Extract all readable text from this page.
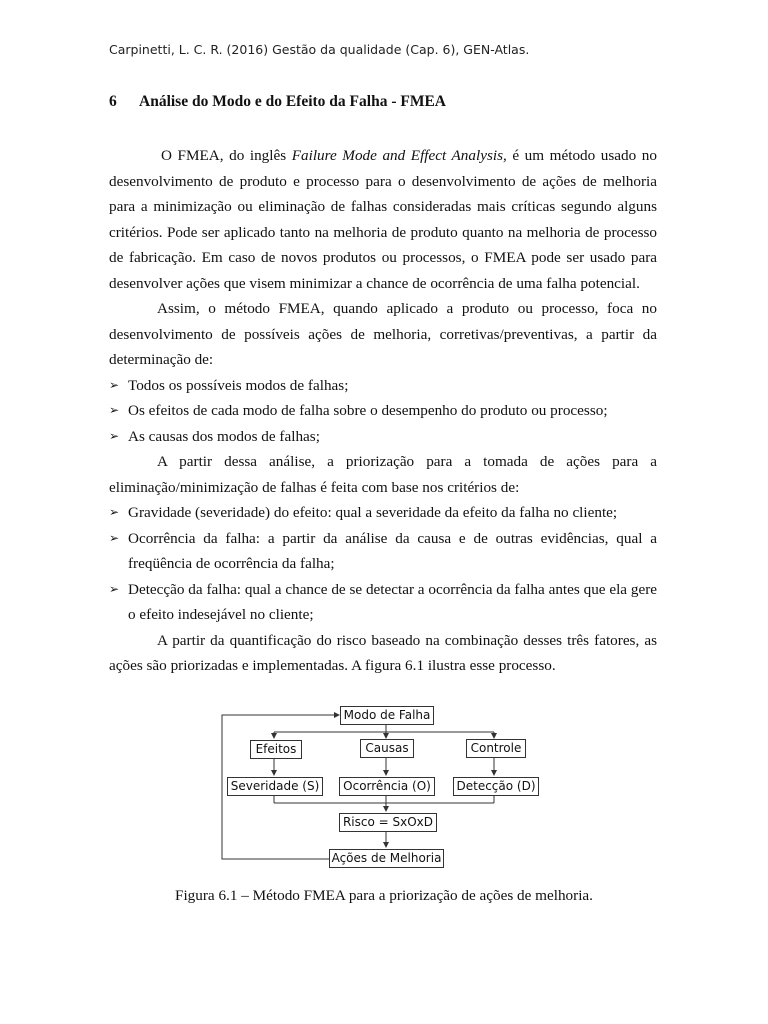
Carpinetti, L. C. R. (2016) Gestão da qualidade (Cap. 6), GEN-Atlas.
6 Análise do Modo e do Efeito da Falha - FMEA

O FMEA, do inglês Failure Mode and Effect Analysis, é um método usado no desenvolvimento de produto e processo para o desenvolvimento de ações de melhoria para a minimização ou eliminação de falhas consideradas mais críticas segundo alguns critérios. Pode ser aplicado tanto na melhoria de produto quanto na melhoria de processo de fabricação. Em caso de novos produtos ou processos, o FMEA pode ser usado para desenvolver ações que visem minimizar a chance de ocorrência de uma falha potencial.

Assim, o método FMEA, quando aplicado a produto ou processo, foca no desenvolvimento de possíveis ações de melhoria, corretivas/preventivas, a partir da determinação de:

➢ Todos os possíveis modos de falhas;
➢ Os efeitos de cada modo de falha sobre o desempenho do produto ou processo;
➢ As causas dos modos de falhas;

A partir dessa análise, a priorização para a tomada de ações para a eliminação/minimização de falhas é feita com base nos critérios de:

➢ Gravidade (severidade) do efeito: qual a severidade da efeito da falha no cliente;
➢ Ocorrência da falha: a partir da análise da causa e de outras evidências, qual a freqüência de ocorrência da falha;
➢ Detecção da falha: qual a chance de se detectar a ocorrência da falha antes que ela gere o efeito indesejável no cliente;

A partir da quantificação do risco baseado na combinação desses três fatores, as ações são priorizadas e implementadas. A figura 6.1 ilustra esse processo.

Modo de Falha
Efeitos	Causas	Controle
Severidade (S)	Ocorrência (O)	Detecção (D)
Risco = SxOxD
Ações de Melhoria
Figura 6.1 – Método FMEA para a priorização de ações de melhoria.
